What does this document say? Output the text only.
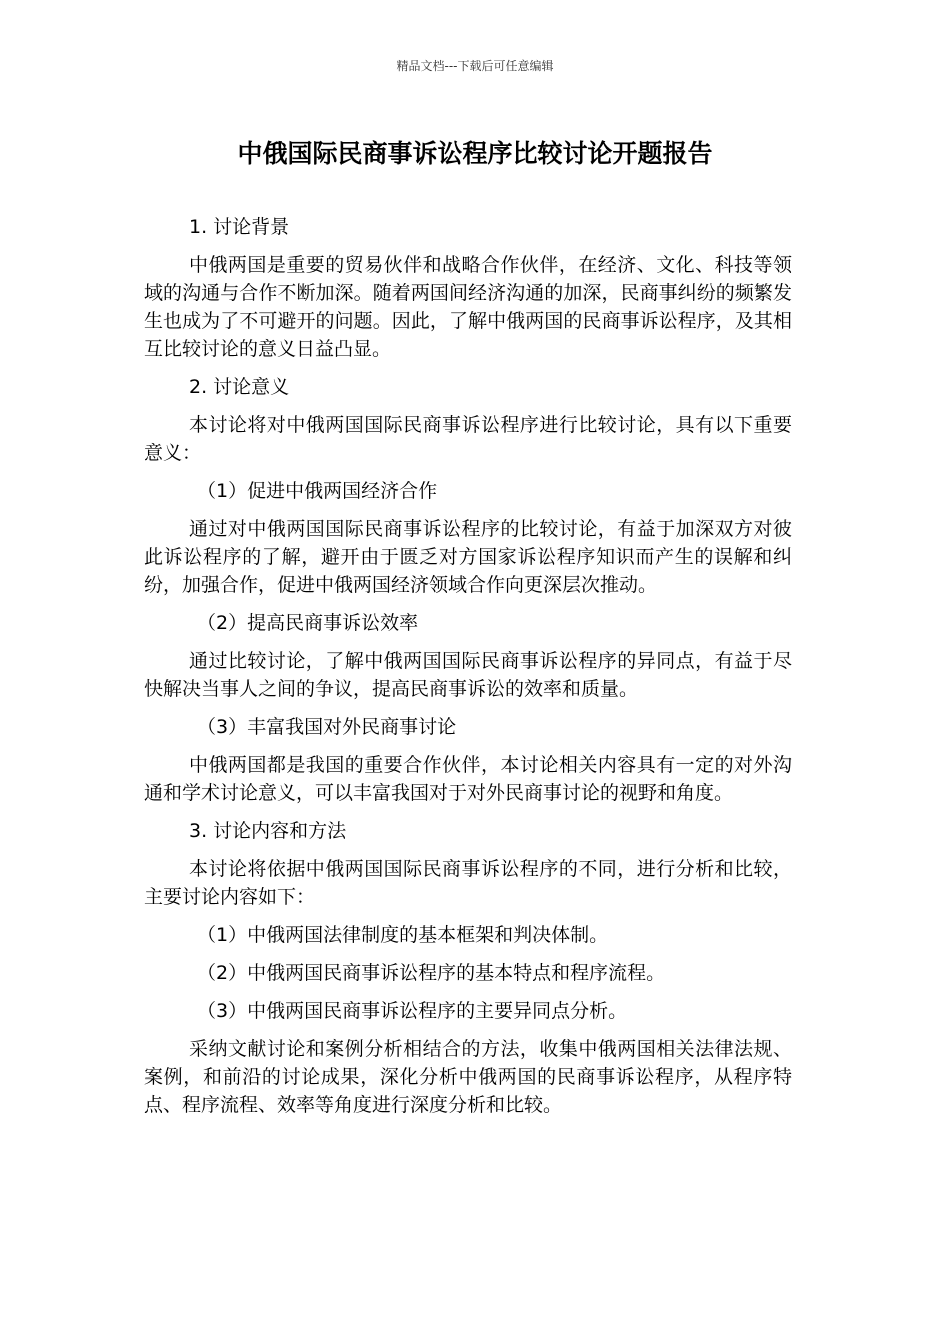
精品文档---下载后可任意编辑
中俄国际民商事诉讼程序比较讨论开题报告

1. 讨论背景

中俄两国是重要的贸易伙伴和战略合作伙伴，在经济、文化、科技等领域的沟通与合作不断加深。随着两国间经济沟通的加深，民商事纠纷的频繁发生也成为了不可避开的问题。因此，了解中俄两国的民商事诉讼程序，及其相互比较讨论的意义日益凸显。

2. 讨论意义

本讨论将对中俄两国国际民商事诉讼程序进行比较讨论，具有以下重要意义：

（1）促进中俄两国经济合作

通过对中俄两国国际民商事诉讼程序的比较讨论，有益于加深双方对彼此诉讼程序的了解，避开由于匮乏对方国家诉讼程序知识而产生的误解和纠纷，加强合作，促进中俄两国经济领域合作向更深层次推动。

（2）提高民商事诉讼效率

通过比较讨论，了解中俄两国国际民商事诉讼程序的异同点，有益于尽快解决当事人之间的争议，提高民商事诉讼的效率和质量。

（3）丰富我国对外民商事讨论

中俄两国都是我国的重要合作伙伴，本讨论相关内容具有一定的对外沟通和学术讨论意义，可以丰富我国对于对外民商事讨论的视野和角度。

3. 讨论内容和方法

本讨论将依据中俄两国国际民商事诉讼程序的不同，进行分析和比较，主要讨论内容如下：

（1）中俄两国法律制度的基本框架和判决体制。

（2）中俄两国民商事诉讼程序的基本特点和程序流程。

（3）中俄两国民商事诉讼程序的主要异同点分析。

采纳文献讨论和案例分析相结合的方法，收集中俄两国相关法律法规、案例，和前沿的讨论成果，深化分析中俄两国的民商事诉讼程序，从程序特点、程序流程、效率等角度进行深度分析和比较。
